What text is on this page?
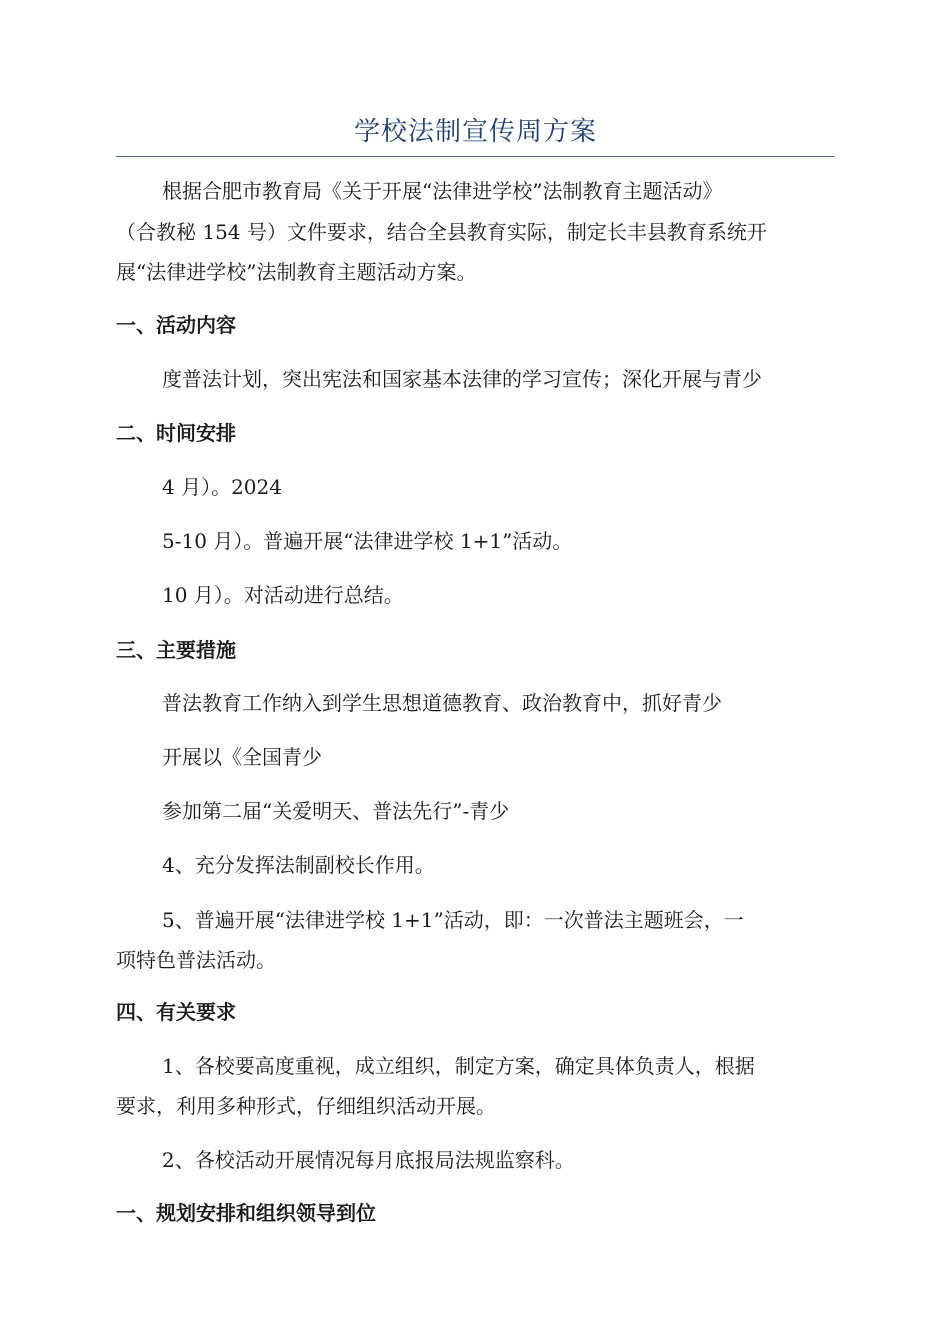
学校法制宣传周方案
根据合肥市教育局《关于开展“法律进学校”法制教育主题活动》
（合教秘 154 号）文件要求，结合全县教育实际，制定长丰县教育系统开
展“法律进学校”法制教育主题活动方案。
一、活动内容
度普法计划，突出宪法和国家基本法律的学习宣传；深化开展与青少
二、时间安排
4 月）。2024
5-10 月）。普遍开展“法律进学校 1+1”活动。
10 月）。对活动进行总结。
三、主要措施
普法教育工作纳入到学生思想道德教育、政治教育中，抓好青少
开展以《全国青少
参加第二届“关爱明天、普法先行”-青少
4、充分发挥法制副校长作用。
5、普遍开展“法律进学校 1+1”活动，即：一次普法主题班会，一
项特色普法活动。
四、有关要求
1、各校要高度重视，成立组织，制定方案，确定具体负责人，根据
要求，利用多种形式，仔细组织活动开展。
2、各校活动开展情况每月底报局法规监察科。
一、规划安排和组织领导到位
